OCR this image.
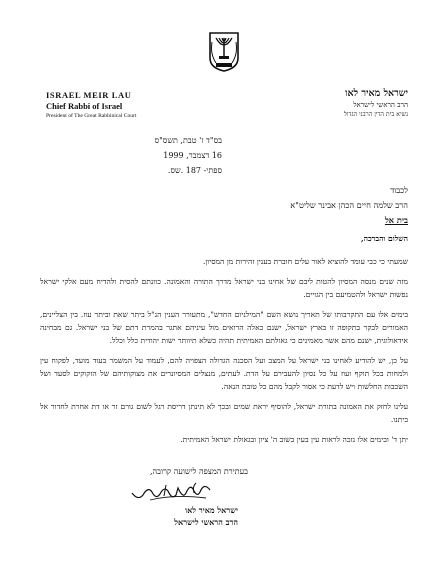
ISRAEL MEIR LAU
Chief Rabbi of Israel
President of The Great Rabbinical Court
ישראל מאיר לאו
הרב הראשי לישראל
נשיא בית הדין הרבני הגדול
בס"ד ז' טבת, תשס"ס
16 דצמבר, 1999
ספתי- 187 .שס.
לכבוד
הרב שלמה חיים הכהן אבינר שליט"א
בית אל

השלום והברכה,

שמעתי כי כבי עומד להוציא לאור עלים חוברת בענין זהירות מן המסיון.

מזה שנים מנסה המסיון להטות ליבם של אחינו בני ישראל מדרך התורה והאמונה. כוונתם להסית ולהדיח מעם אלקי ישראל נפשות ישראל ולהטמיעם בין הגויים.

בימים אלו עם התקרבותו של תאריך נושא השם "המילניום החדש", מתעורר הענין הנ"ל ביתר שאת וביתר עוז. בין הצליינים, האמורים לבקר בתקופה זו בארץ ישראל, ישנם כאלה הרואים מול עיניהם אתגר בהמרת דתם של בני ישראל. גם מבחינה אידאולוגית, ישנם מהם אשר מאמינים כי גאולתם האמיתית תהיה כשלא תיוותר ישות יהודית כלל וכלל.

על כן, יש להודיע לאחינו בני ישראל על המצב ועל הסכנה הגדולה הצפויה להם, לעמוד על המשמר בעוד מועד, לפקוח עין ולמחות בכל תוקף ועוז על כל נסיון להעבירם על הדת. לעתים, מנצלים המסיונרים את מצוקותיהם של הזקוקים לסעד ושל השכבות החלשות ויש לדעת כי אסור לקבל מהם כל טובת הנאה.

עלינו לחזק את האמונה בתורת ישראל, להוסיף יראת שמים ובכך לא תינתן דריסת רגל לשום גורם זר או דת אחרת לחדור אל ביתנו.

יתן ד' ובימים אלו נזכה לראות עין בעין בשוב ה' ציון ובגאולת ישראל האמיתית.

בעתירת המצפה לישועה קרובה,
ישראל מאיר לאו
הרב הראשי לישראל
